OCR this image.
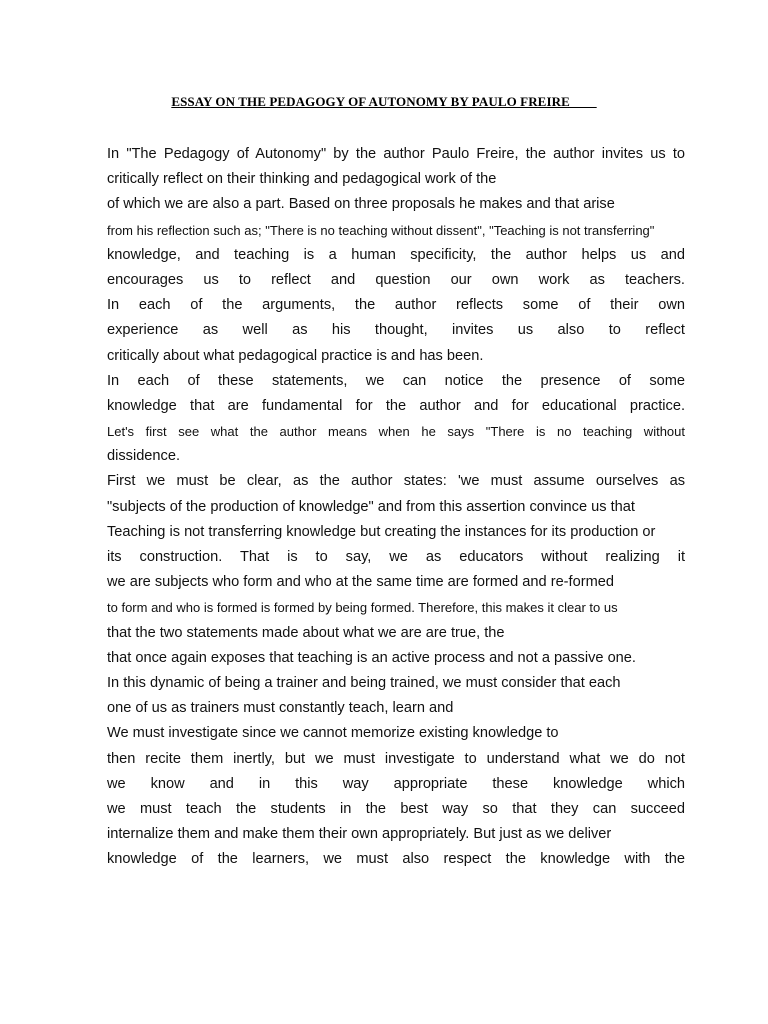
ESSAY ON THE PEDAGOGY OF AUTONOMY BY PAULO FREIRE
In "The Pedagogy of Autonomy" by the author Paulo Freire, the author invites us to
critically reflect on their thinking and pedagogical work of the
of which we are also a part. Based on three proposals he makes and that arise
from his reflection such as; "There is no teaching without dissent", "Teaching is not transferring"
knowledge, and teaching is a human specificity, the author helps us and
encourages us to reflect and question our own work as teachers.
In each of the arguments, the author reflects some of their own
experience as well as his thought, invites us also to reflect
critically about what pedagogical practice is and has been.
In each of these statements, we can notice the presence of some
knowledge that are fundamental for the author and for educational practice.
Let's first see what the author means when he says "There is no teaching without
dissidence.
First we must be clear, as the author states: 'we must assume ourselves as
"subjects of the production of knowledge" and from this assertion convince us that
Teaching is not transferring knowledge but creating the instances for its production or
its construction. That is to say, we as educators without realizing it
we are subjects who form and who at the same time are formed and re-formed
to form and who is formed is formed by being formed. Therefore, this makes it clear to us
that the two statements made about what we are are true, the
that once again exposes that teaching is an active process and not a passive one.
In this dynamic of being a trainer and being trained, we must consider that each
one of us as trainers must constantly teach, learn and
We must investigate since we cannot memorize existing knowledge to
then recite them inertly, but we must investigate to understand what we do not
we know and in this way appropriate these knowledge which
we must teach the students in the best way so that they can succeed
internalize them and make them their own appropriately. But just as we deliver
knowledge of the learners, we must also respect the knowledge with the
